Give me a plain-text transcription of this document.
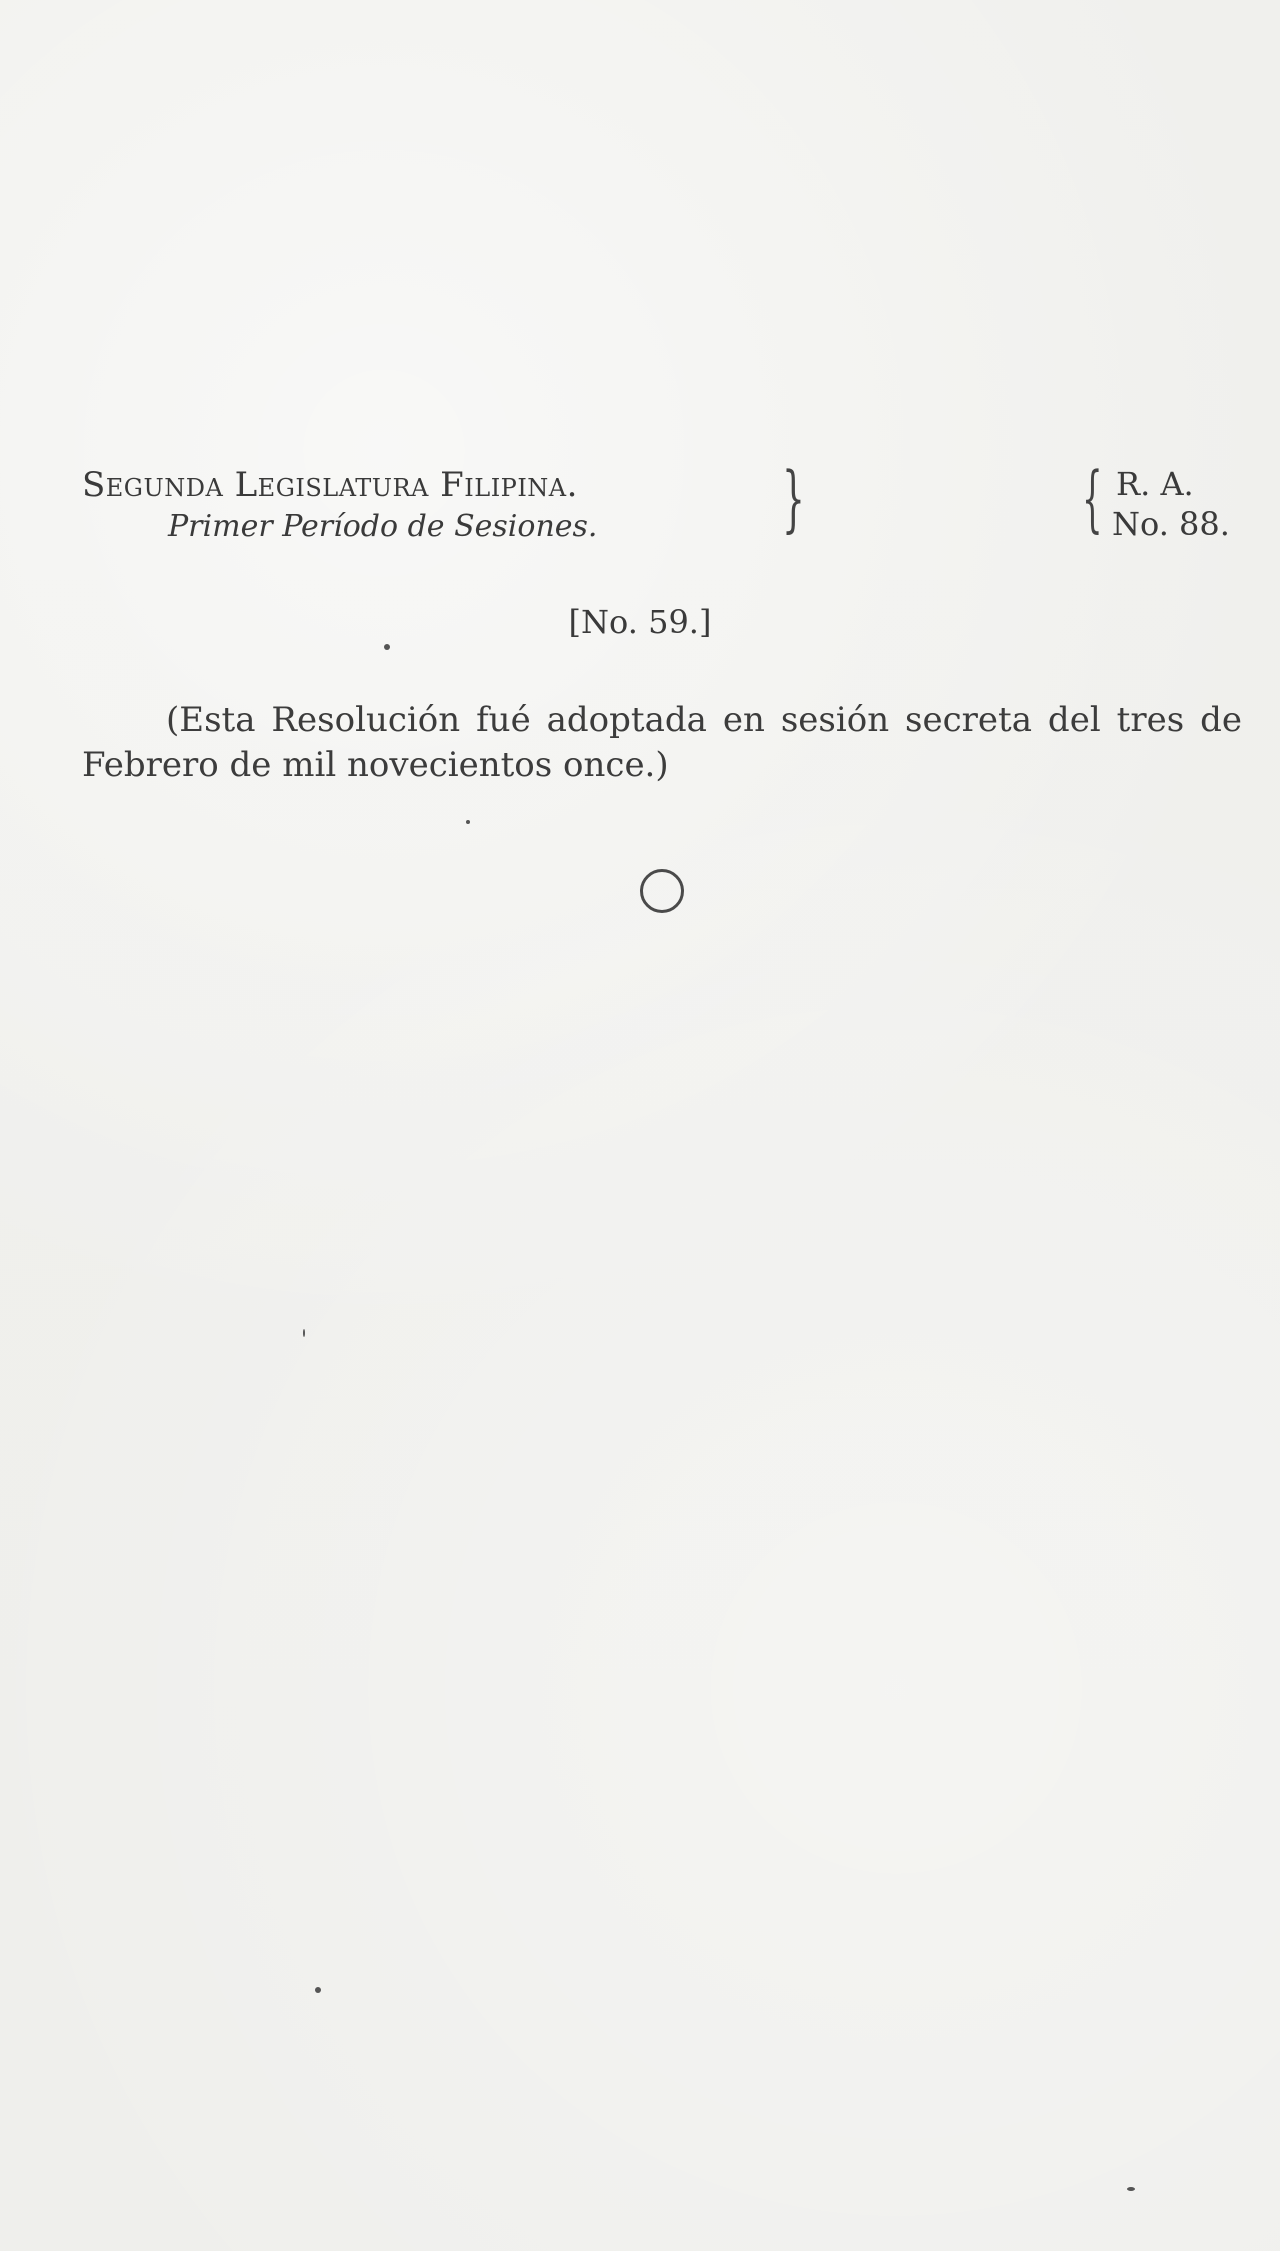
Segunda Legislatura Filipina.
Primer Período de Sesiones.	}	{ R. A.
No. 88.
[No. 59.]
(Esta Resolución fué adoptada en sesión secreta del tres de Febrero de mil novecientos once.)
